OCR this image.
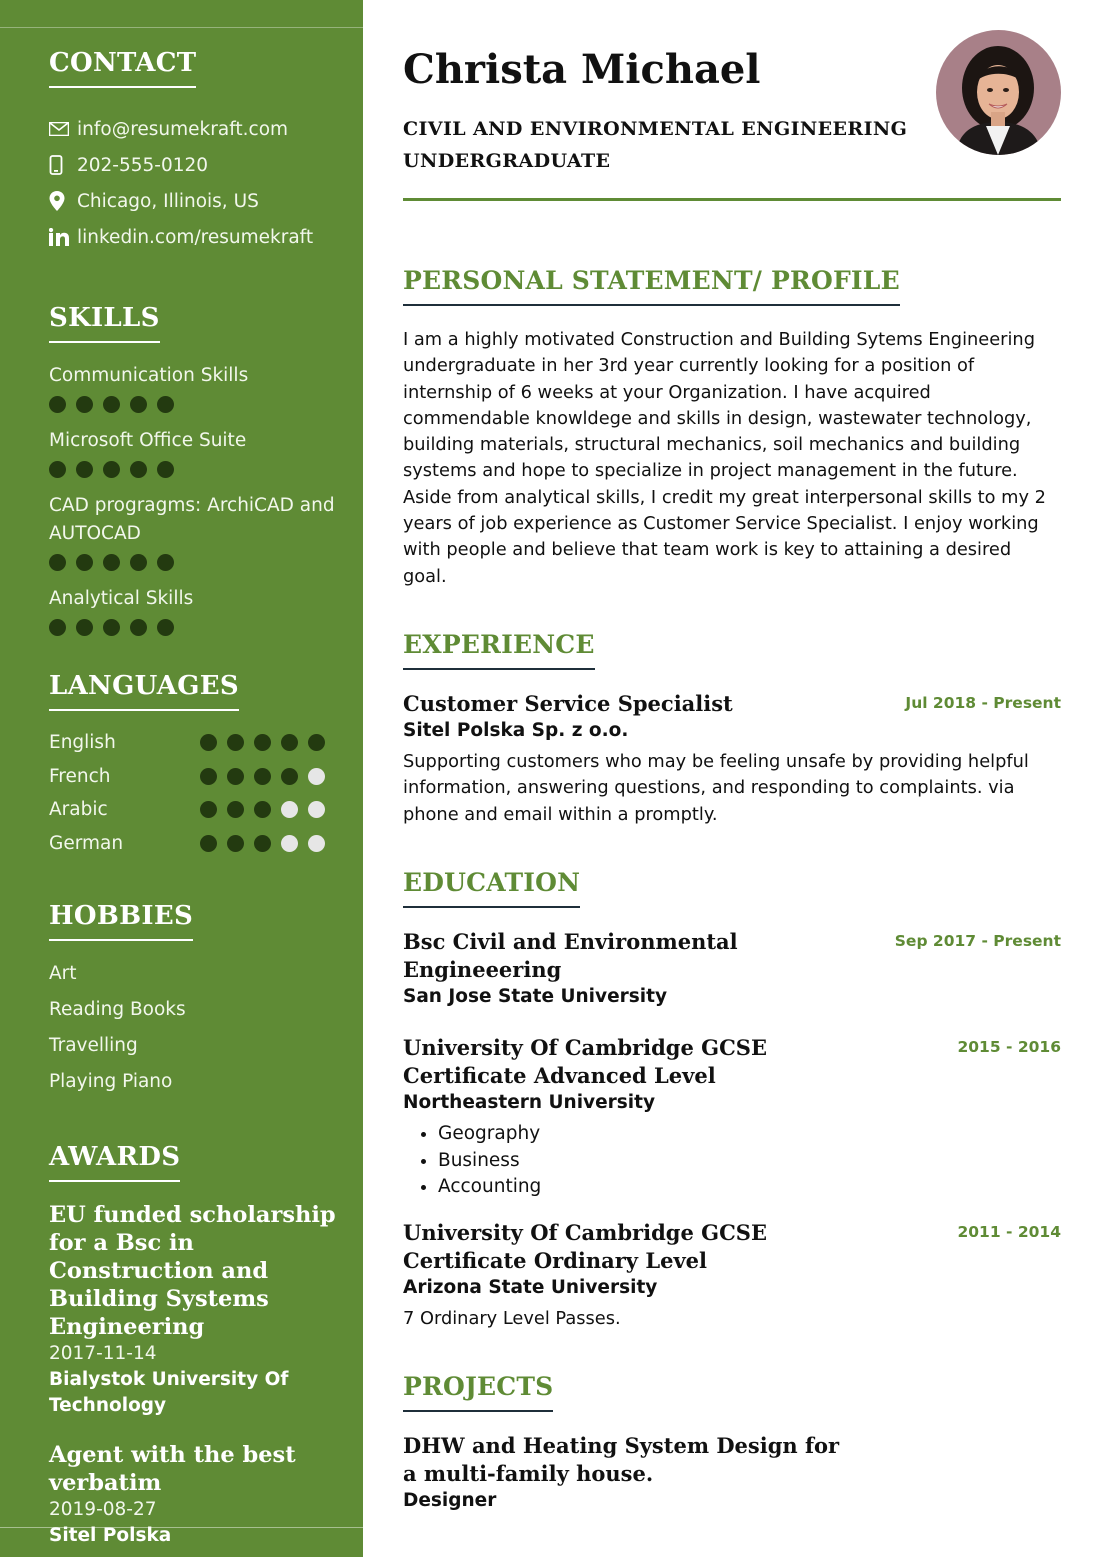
CONTACT
info@resumekraft.com
202-555-0120
Chicago, Illinois, US
linkedin.com/resumekraft
SKILLS
Communication Skills
Microsoft Office Suite
CAD progragms: ArchiCAD and AUTOCAD
Analytical Skills
LANGUAGES
English
French
Arabic
German
HOBBIES
Art
Reading Books
Travelling
Playing Piano
AWARDS
EU funded scholarship for a Bsc in Construction and Building Systems Engineering
2017-11-14
Bialystok University Of Technology
Agent with the best verbatim
2019-08-27
Sitel Polska
Christa Michael
CIVIL AND ENVIRONMENTAL ENGINEERING UNDERGRADUATE
PERSONAL STATEMENT/ PROFILE
I am a highly motivated Construction and Building Sytems Engineering undergraduate in her 3rd year currently looking for a position of internship of 6 weeks at your Organization. I have acquired commendable knowldege and skills in design, wastewater technology, building materials, structural mechanics, soil mechanics and building systems and hope to specialize in project management in the future. Aside from analytical skills, I credit my great interpersonal skills to my 2 years of job experience as Customer Service Specialist. I enjoy working with people and believe that team work is key to attaining a desired goal.
EXPERIENCE
Customer Service Specialist	Jul 2018 - Present
Sitel Polska Sp. z o.o.
Supporting customers who may be feeling unsafe by providing helpful information, answering questions, and responding to complaints. via phone and email within a promptly.
EDUCATION
Bsc Civil and Environmental Engineeering
Sep 2017 - Present
San Jose State University
University Of Cambridge GCSE Certificate Advanced Level
2015 - 2016
Northeastern University
• Geography
• Business
• Accounting
University Of Cambridge GCSE Certificate Ordinary Level
2011 - 2014
Arizona State University
7 Ordinary Level Passes.
PROJECTS
DHW and Heating System Design for a multi-family house.
Designer
